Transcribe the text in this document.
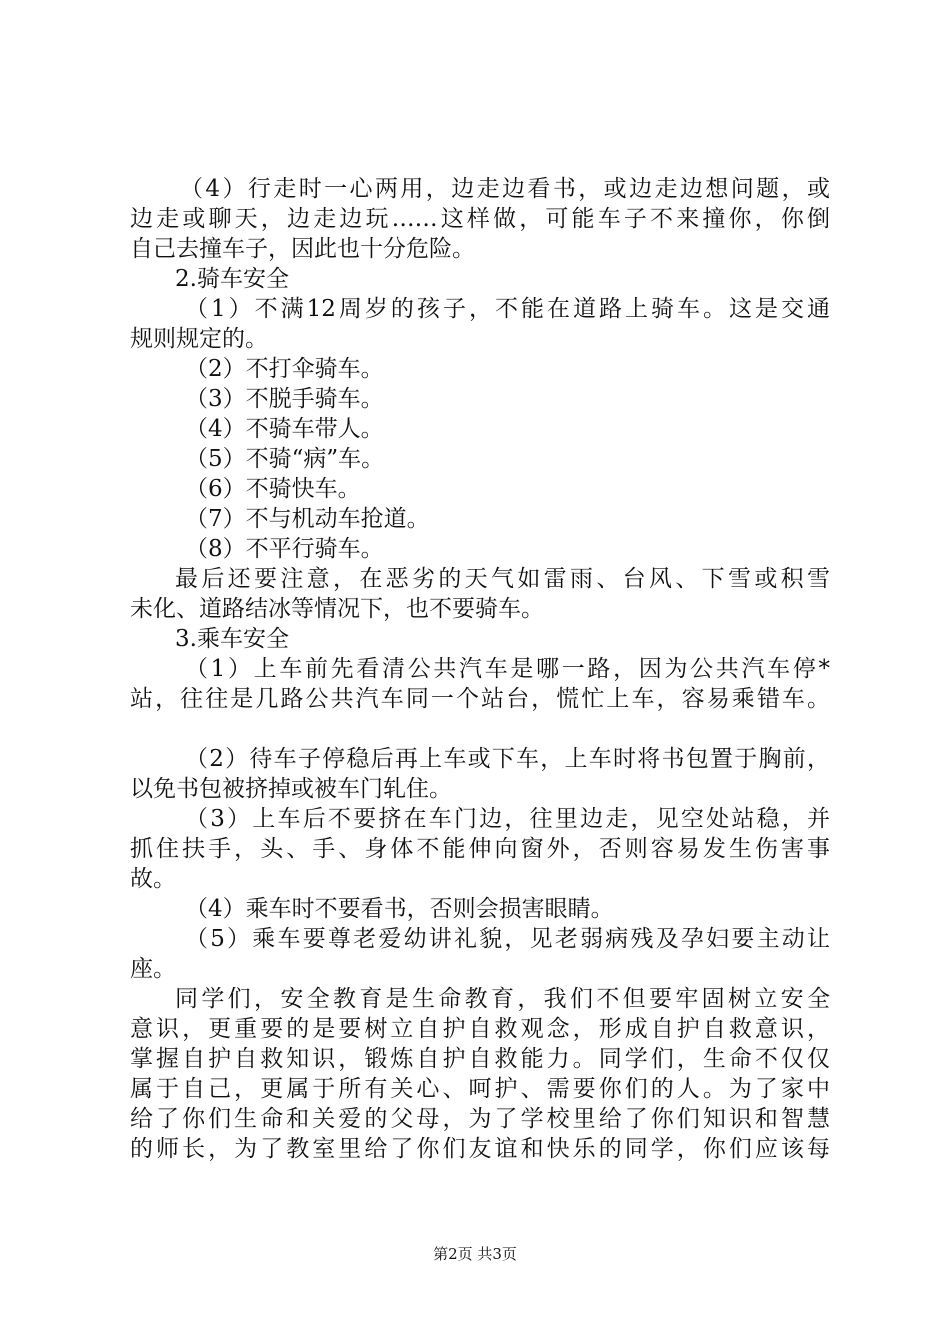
（4）行走时一心两用，边走边看书，或边走边想问题，或
边走或聊天，边走边玩……这样做，可能车子不来撞你，你倒
自己去撞车子，因此也十分危险。
2.骑车安全
（1）不满12周岁的孩子，不能在道路上骑车。这是交通
规则规定的。
（2）不打伞骑车。
（3）不脱手骑车。
（4）不骑车带人。
（5）不骑“病”车。
（6）不骑快车。
（7）不与机动车抢道。
（8）不平行骑车。
最后还要注意，在恶劣的天气如雷雨、台风、下雪或积雪
未化、道路结冰等情况下，也不要骑车。
3.乘车安全
（1）上车前先看清公共汽车是哪一路，因为公共汽车停*
站，往往是几路公共汽车同一个站台，慌忙上车，容易乘错车。
（2）待车子停稳后再上车或下车，上车时将书包置于胸前，
以免书包被挤掉或被车门轧住。
（3）上车后不要挤在车门边，往里边走，见空处站稳，并
抓住扶手，头、手、身体不能伸向窗外，否则容易发生伤害事
故。
（4）乘车时不要看书，否则会损害眼睛。
（5）乘车要尊老爱幼讲礼貌，见老弱病残及孕妇要主动让
座。
同学们，安全教育是生命教育，我们不但要牢固树立安全
意识，更重要的是要树立自护自救观念，形成自护自救意识，
掌握自护自救知识，锻炼自护自救能力。同学们，生命不仅仅
属于自己，更属于所有关心、呵护、需要你们的人。为了家中
给了你们生命和关爱的父母，为了学校里给了你们知识和智慧
的师长，为了教室里给了你们友谊和快乐的同学，你们应该每
第2页 共3页
